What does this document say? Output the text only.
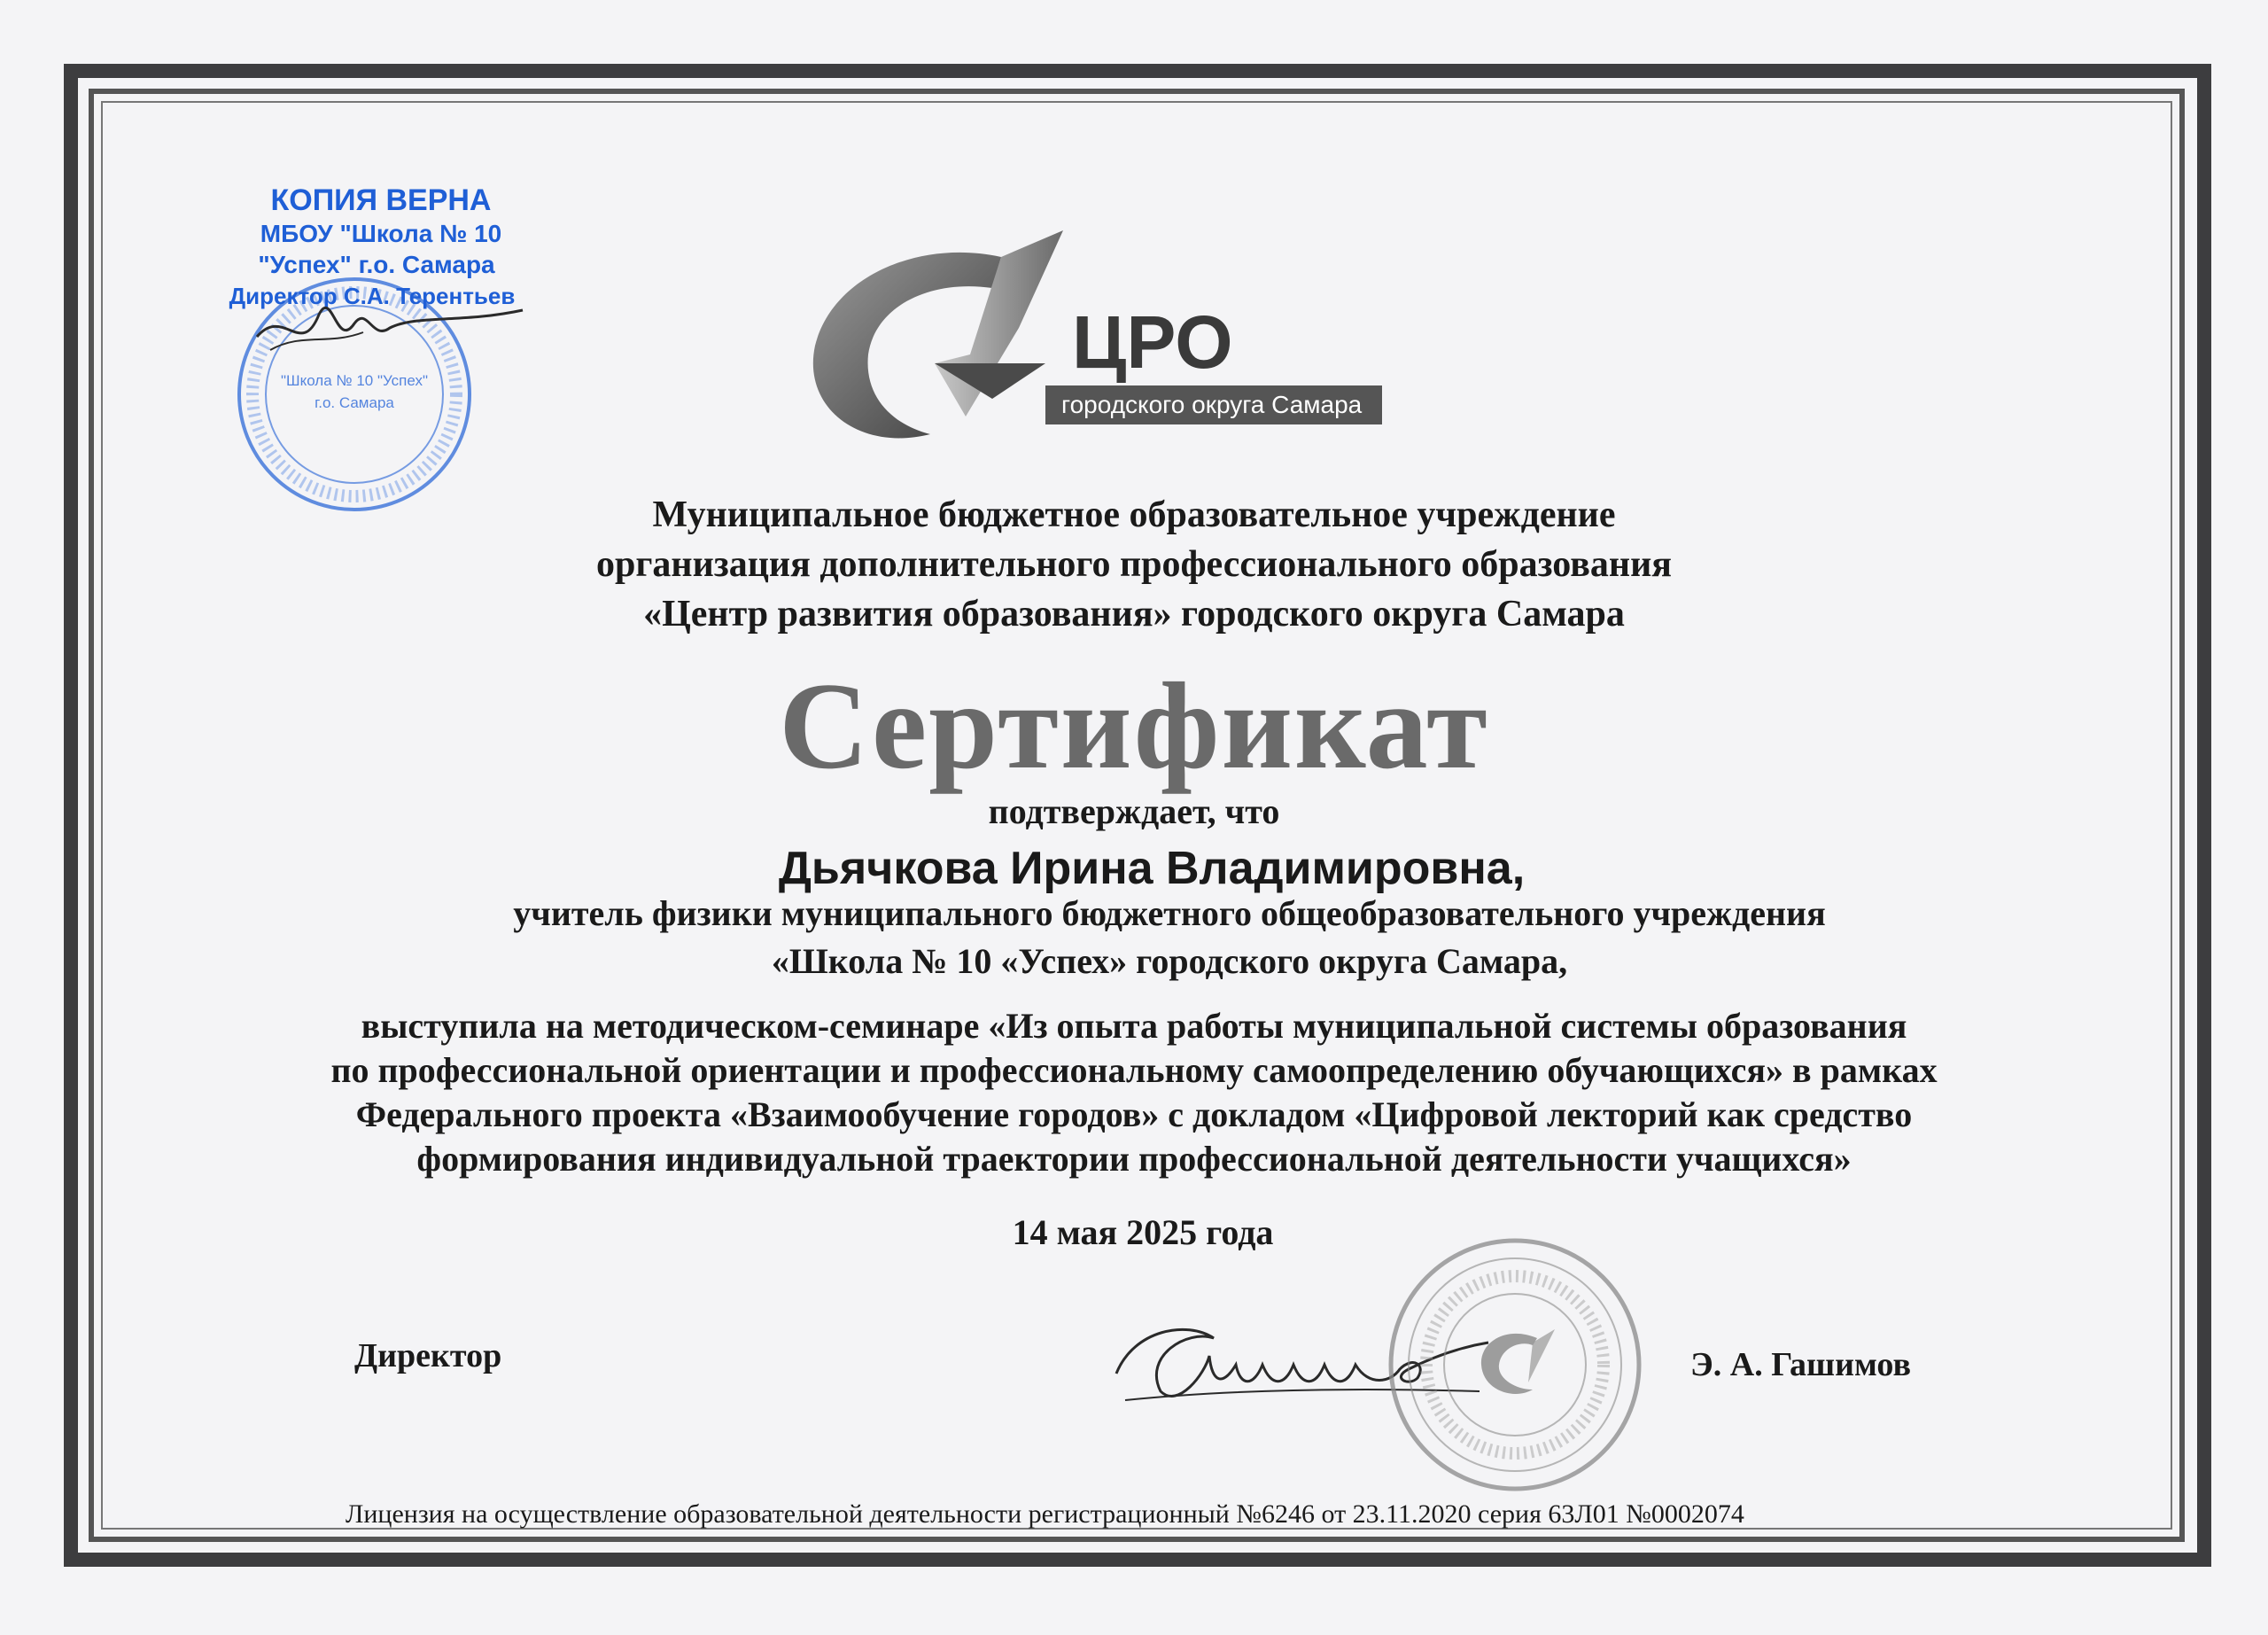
ЦРО
городского округа Самара
Муниципальное бюджетное образовательное учреждение
организация дополнительного профессионального образования
«Центр развития образования» городского округа Самара
Сертификат
подтверждает, что
Дьячкова Ирина Владимировна,
учитель физики муниципального бюджетного общеобразовательного учреждения
«Школа № 10 «Успех» городского округа Самара,
выступила на методическом-семинаре «Из опыта работы муниципальной системы образования
по профессиональной ориентации и профессиональному самоопределению обучающихся» в рамках
Федерального проекта «Взаимообучение городов» с докладом «Цифровой лекторий как средство
формирования индивидуальной траектории профессиональной деятельности учащихся»
14 мая 2025 года
Директор	Э. А. Гашимов
"Школа № 10 "Успех"
г.о. Самара
КОПИЯ ВЕРНА
МБОУ "Школа № 10
"Успех" г.о. Самара
Директор С.А. Терентьев
Лицензия на осуществление образовательной деятельности регистрационный №6246 от 23.11.2020 серия 63Л01 №0002074
